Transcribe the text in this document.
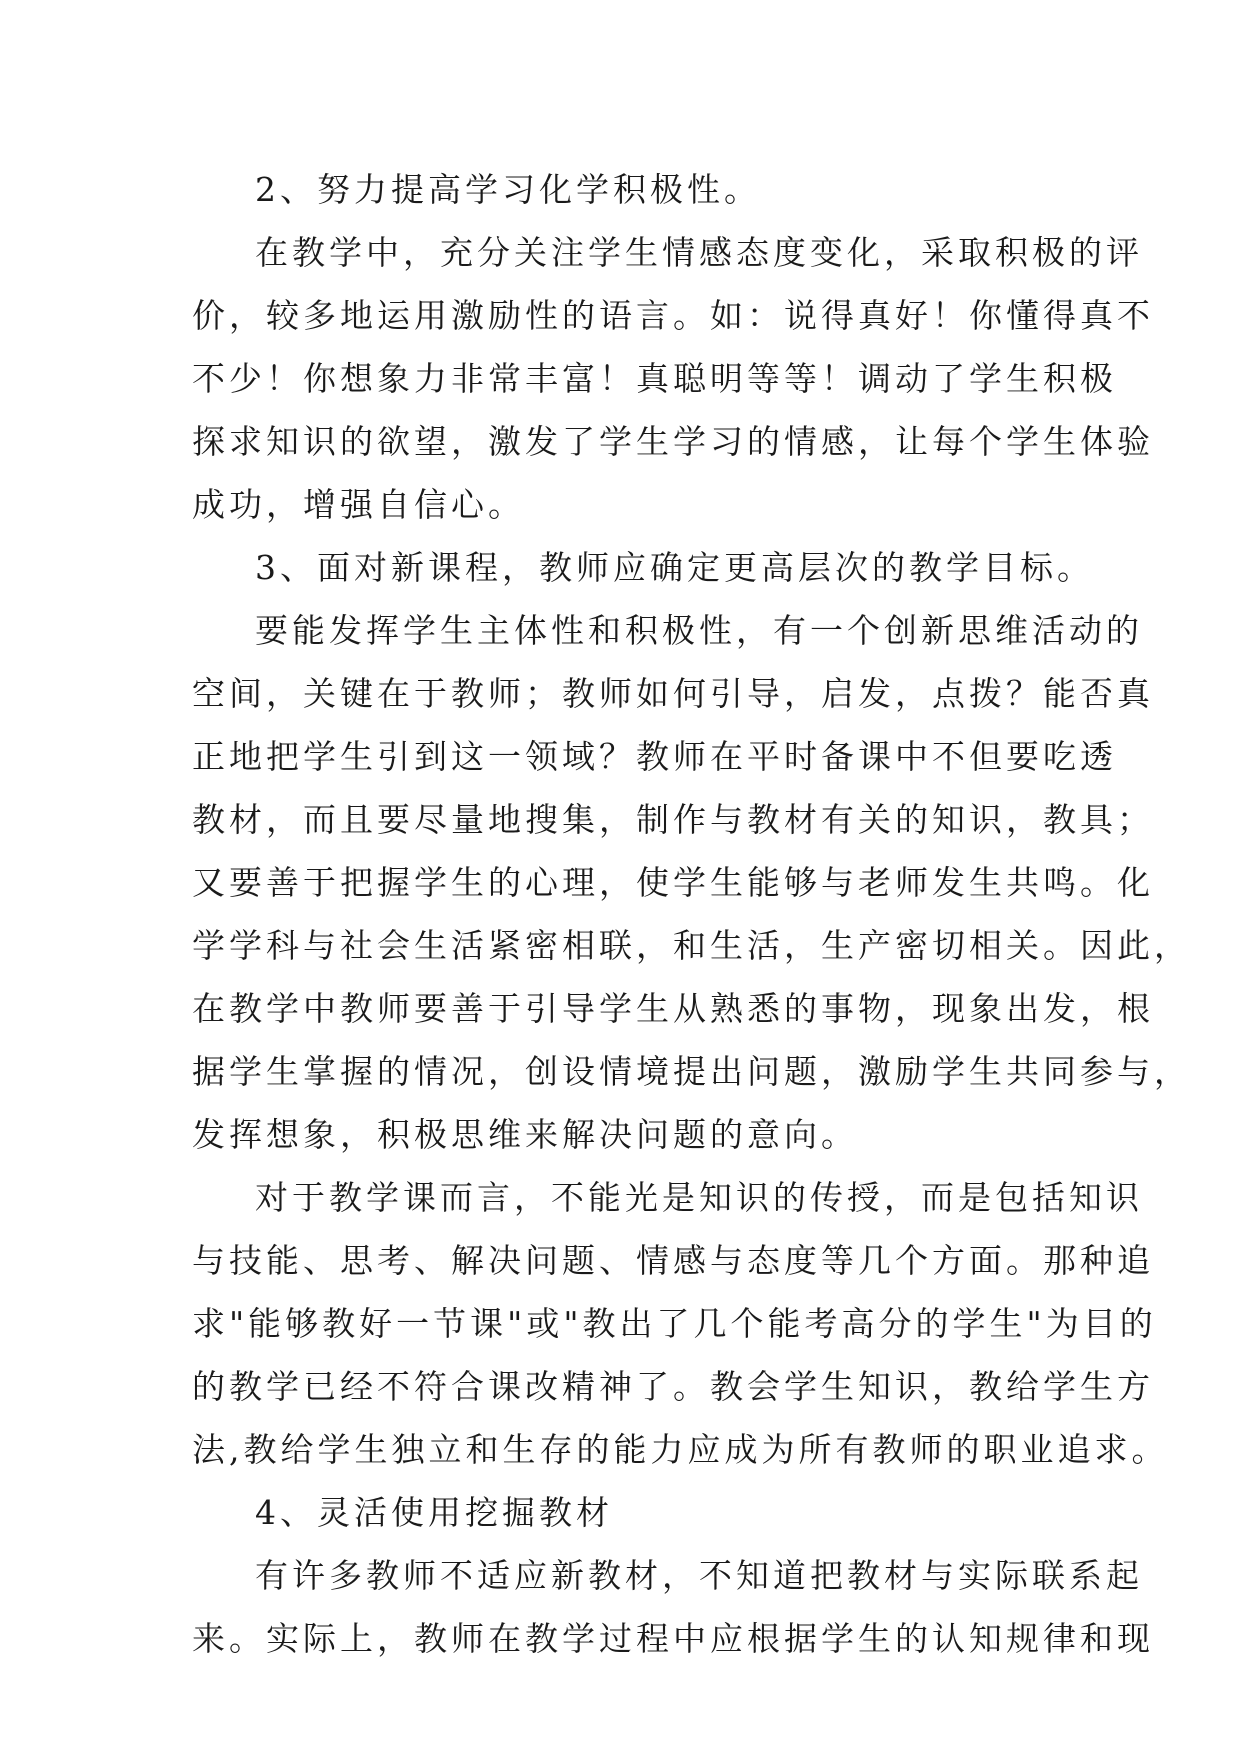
2、努力提高学习化学积极性。
在教学中，充分关注学生情感态度变化，采取积极的评
价，较多地运用激励性的语言。如：说得真好！你懂得真不
不少！你想象力非常丰富！真聪明等等！调动了学生积极
探求知识的欲望，激发了学生学习的情感，让每个学生体验
成功，增强自信心。
3、面对新课程，教师应确定更高层次的教学目标。
要能发挥学生主体性和积极性，有一个创新思维活动的
空间，关键在于教师；教师如何引导，启发，点拨？能否真
正地把学生引到这一领域？教师在平时备课中不但要吃透
教材，而且要尽量地搜集，制作与教材有关的知识，教具；
又要善于把握学生的心理，使学生能够与老师发生共鸣。化
学学科与社会生活紧密相联，和生活，生产密切相关。因此，
在教学中教师要善于引导学生从熟悉的事物，现象出发，根
据学生掌握的情况，创设情境提出问题，激励学生共同参与，
发挥想象，积极思维来解决问题的意向。
对于教学课而言，不能光是知识的传授，而是包括知识
与技能、思考、解决问题、情感与态度等几个方面。那种追
求"能够教好一节课"或"教出了几个能考高分的学生"为目的
的教学已经不符合课改精神了。教会学生知识，教给学生方
法,教给学生独立和生存的能力应成为所有教师的职业追求。
4、灵活使用挖掘教材
有许多教师不适应新教材，不知道把教材与实际联系起
来。实际上，教师在教学过程中应根据学生的认知规律和现
